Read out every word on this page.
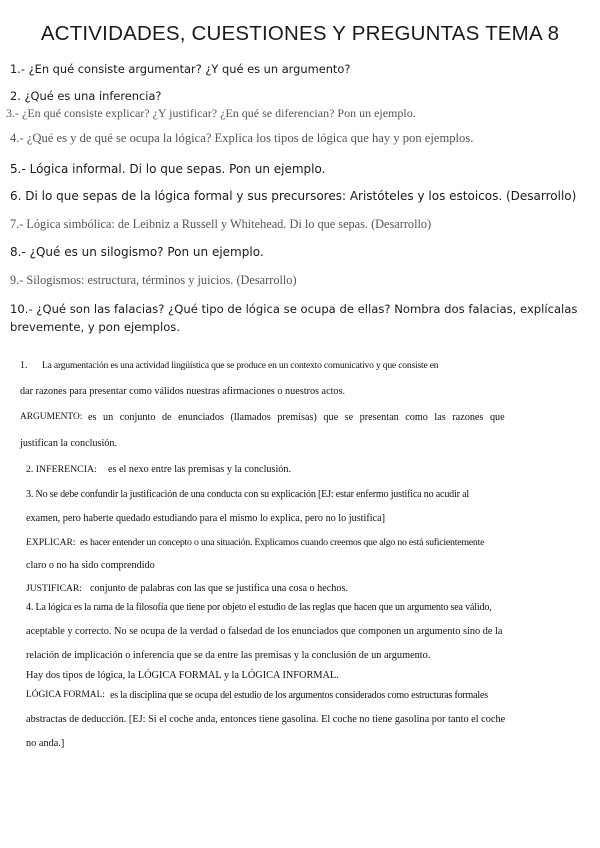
ACTIVIDADES, CUESTIONES Y PREGUNTAS TEMA 8
1.- ¿En qué consiste argumentar? ¿Y qué es un argumento?
2. ¿Qué es una inferencia?
3.- ¿En qué consiste explicar? ¿Y justificar? ¿En qué se diferencian? Pon un ejemplo.
4.- ¿Qué es y de qué se ocupa la lógica? Explica los tipos de lógica que hay y pon ejemplos.
5.- Lógica informal. Di lo que sepas. Pon un ejemplo.
6. Di lo que sepas de la lógica formal y sus precursores: Aristóteles y los estoicos. (Desarrollo)
7.- Lógica simbólica: de Leibniz a Russell y Whitehead. Di lo que sepas. (Desarrollo)
8.- ¿Qué es un silogismo? Pon un ejemplo.
9.- Silogismos: estructura, términos y juicios. (Desarrollo)
10.- ¿Qué son las falacias? ¿Qué tipo de lógica se ocupa de ellas? Nombra dos falacias, explícalas brevemente, y pon ejemplos.
1. La argumentación es una actividad lingüística que se produce en un contexto comunicativo y que consiste en
dar razones para presentar como válidos nuestras afirmaciones o nuestros actos.
ARGUMENTO: es un conjunto de enunciados (llamados premisas) que se presentan como las razones que
justifican la conclusión.
2. INFERENCIA: es el nexo entre las premisas y la conclusión.
3. No se debe confundir la justificación de una conducta con su explicación [EJ: estar enfermo justifica no acudir al
examen, pero haberte quedado estudiando para el mismo lo explica, pero no lo justifica]
EXPLICAR: es hacer entender un concepto o una situación. Explicamos cuando creemos que algo no está suficientemente
claro o no ha sido comprendido
JUSTIFICAR: conjunto de palabras con las que se justifica una cosa o hechos.
4. La lógica es la rama de la filosofía que tiene por objeto el estudio de las reglas que hacen que un argumento sea válido,
aceptable y correcto. No se ocupa de la verdad o falsedad de los enunciados que componen un argumento sino de la
relación de implicación o inferencia que se da entre las premisas y la conclusión de un argumento.
Hay dos tipos de lógica, la LÓGICA FORMAL y la LÓGICA INFORMAL.
LÓGICA FORMAL: es la disciplina que se ocupa del estudio de los argumentos considerados como estructuras formales
abstractas de deducción. [EJ: Si el coche anda, entonces tiene gasolina. El coche no tiene gasolina por tanto el coche
no anda.]
